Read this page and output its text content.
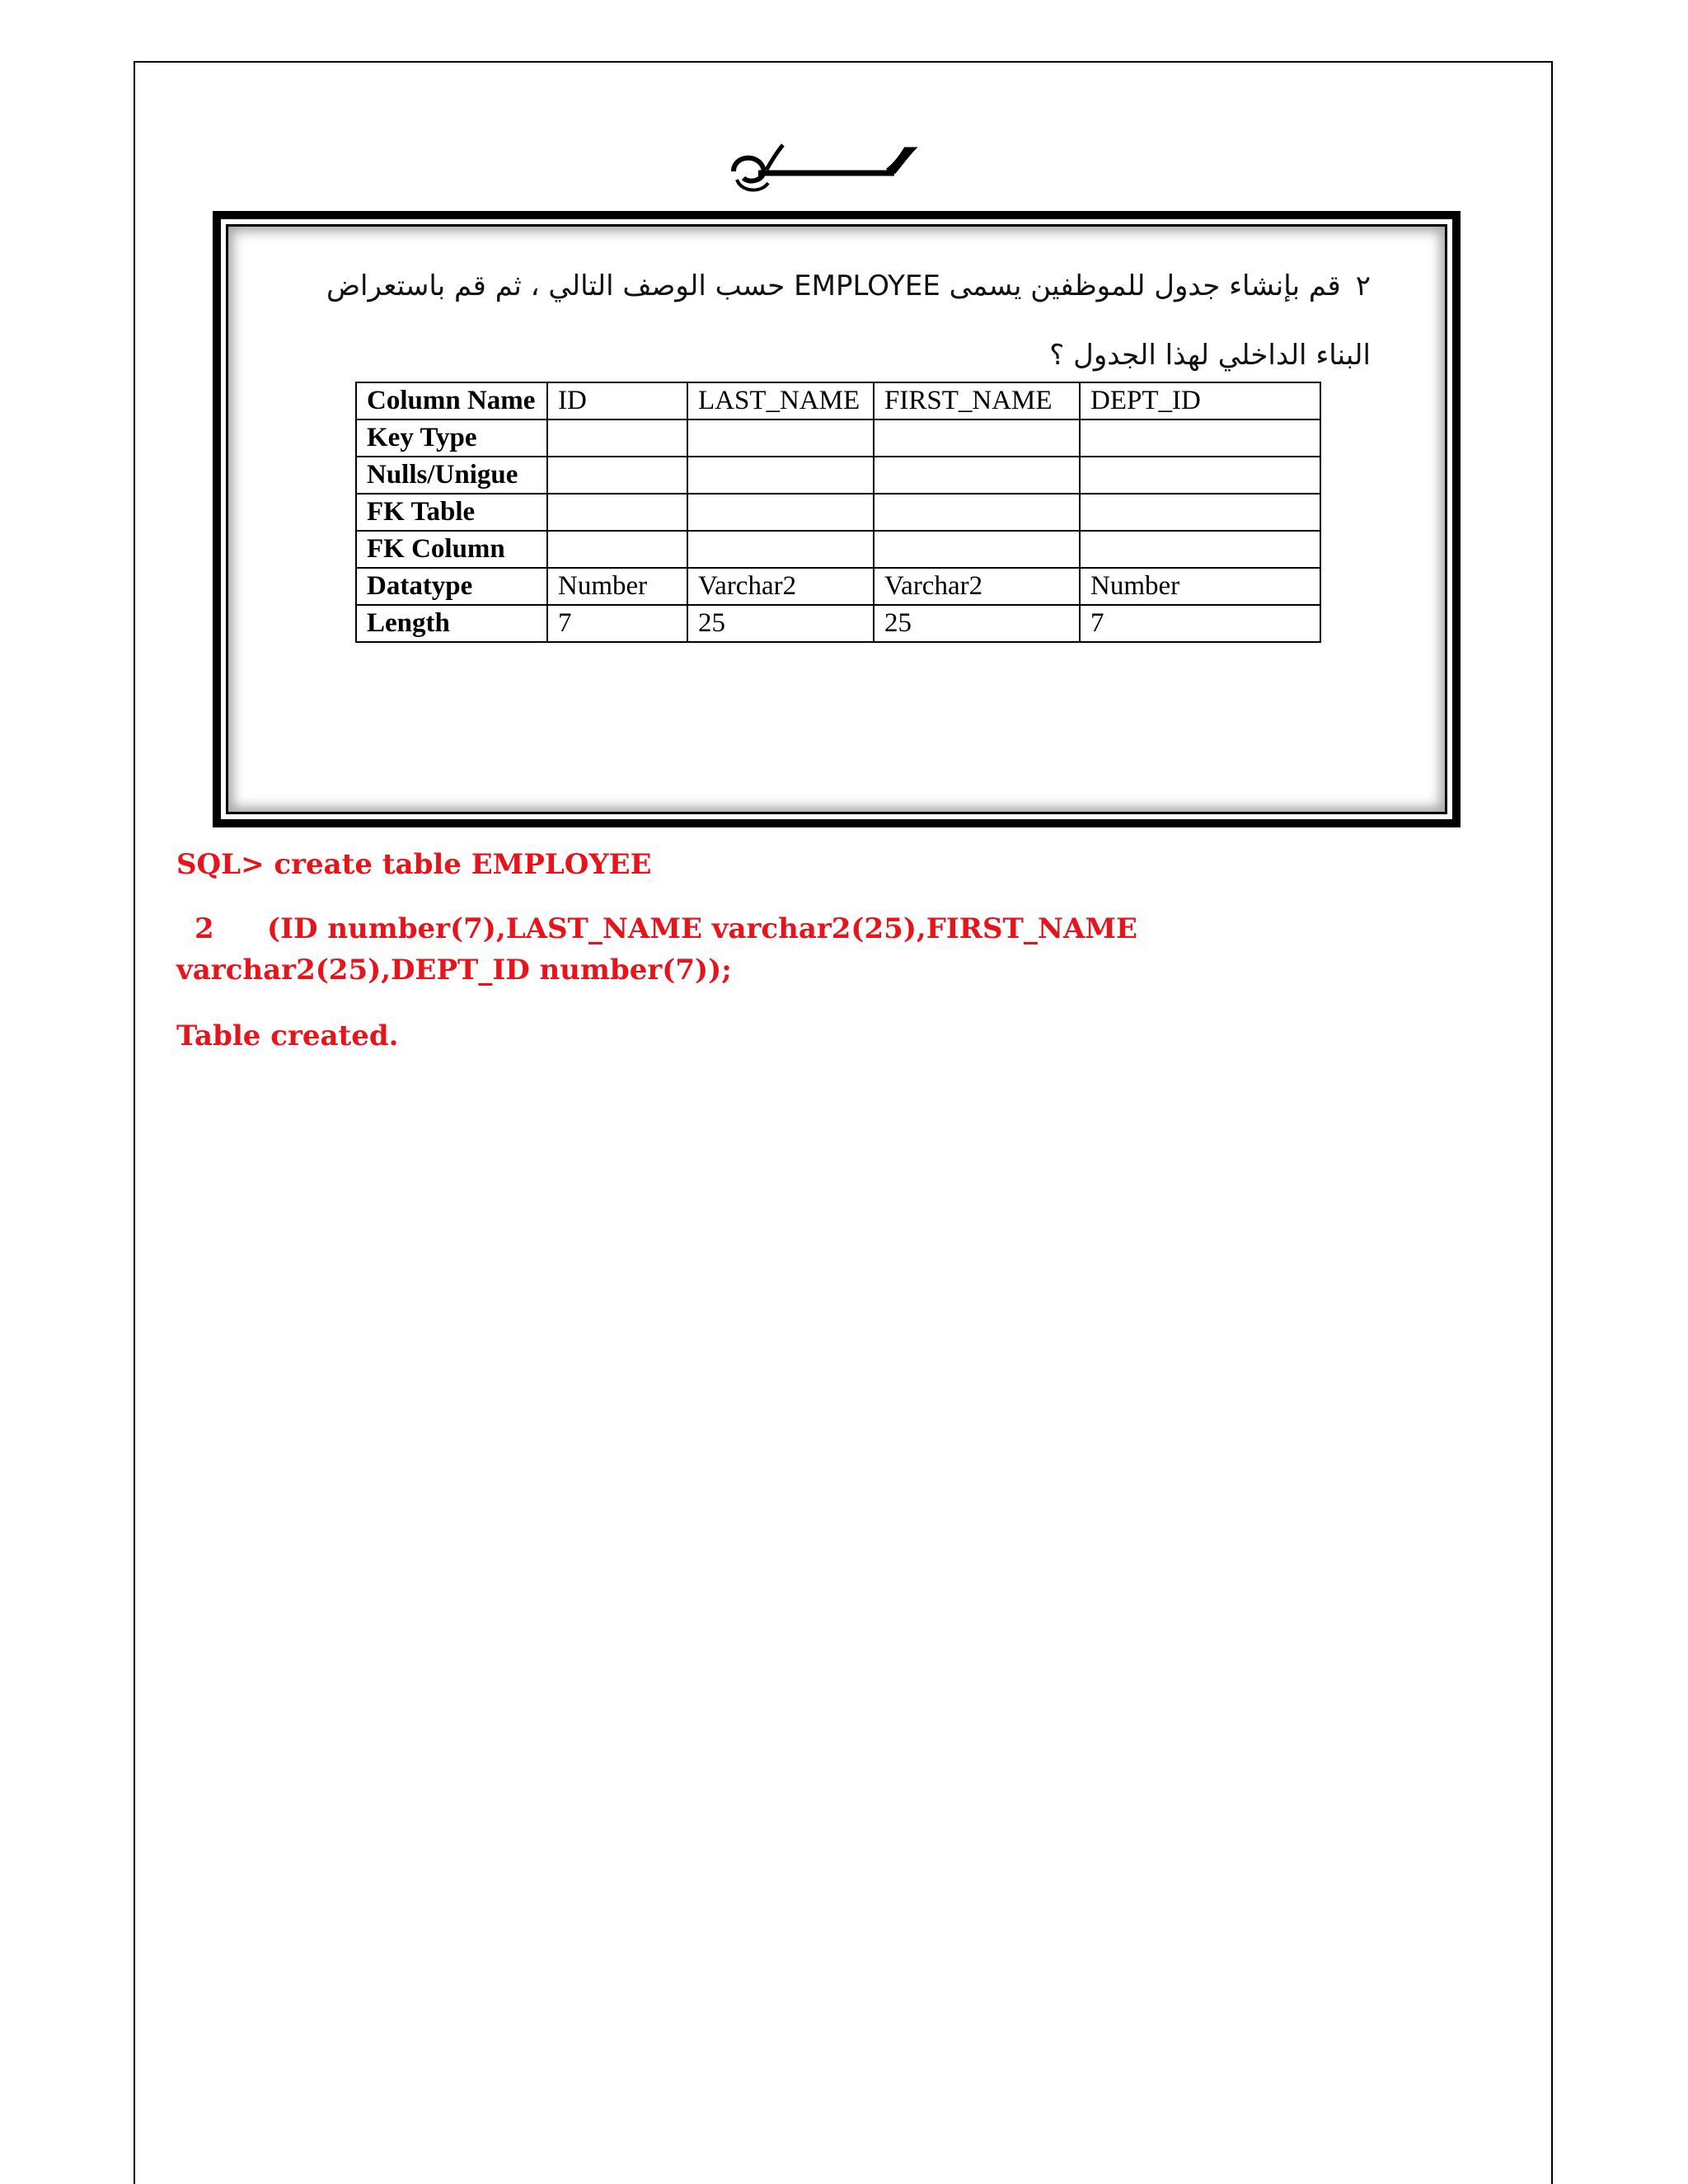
٢قم بإنشاء جدول للموظفين يسمى EMPLOYEE حسب الوصف التالي ، ثم قم باستعراض البناء الداخلي لهذا الجدول ؟
Column Name	ID	LAST_NAME	FIRST_NAME	DEPT_ID
Key Type				
Nulls/Unigue				
FK Table				
FK Column				
Datatype	Number	Varchar2	Varchar2	Number
Length	7	25	25	7
SQL> create table EMPLOYEE
2 (ID number(7),LAST_NAME varchar2(25),FIRST_NAME varchar2(25),DEPT_ID number(7));
Table created.
